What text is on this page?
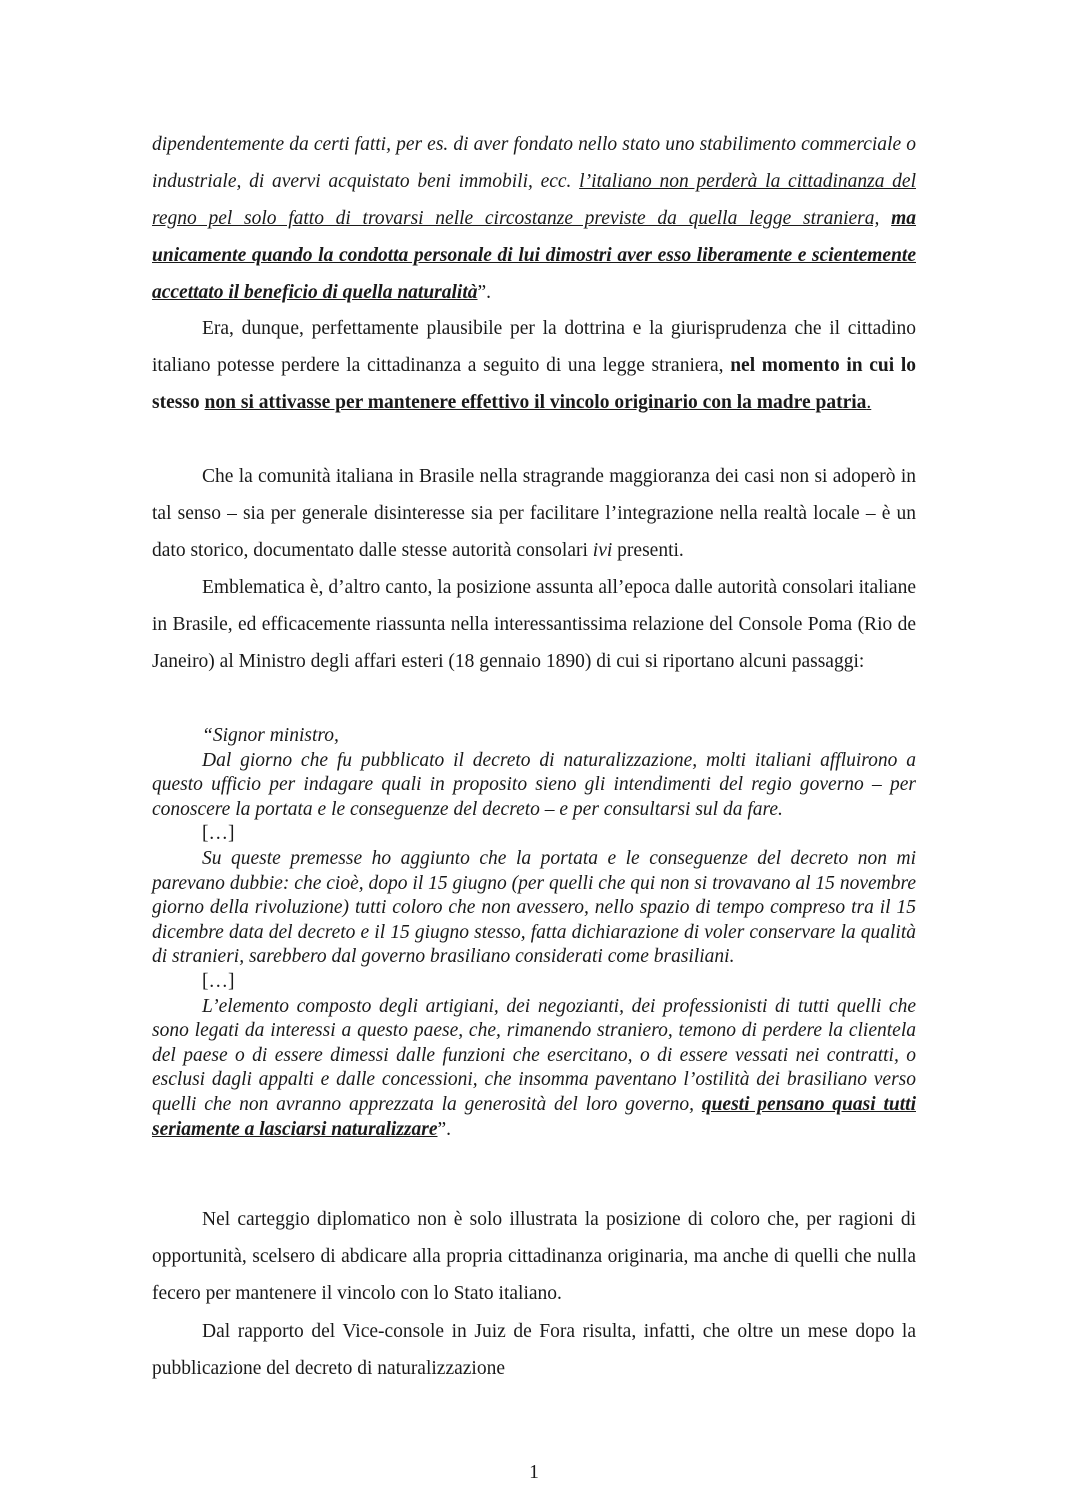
dipendentemente da certi fatti, per es. di aver fondato nello stato uno stabilimento commerciale o industriale, di avervi acquistato beni immobili, ecc. l’italiano non perderà la cittadinanza del regno pel solo fatto di trovarsi nelle circostanze previste da quella legge straniera, ma unicamente quando la condotta personale di lui dimostri aver esso liberamente e scientemente accettato il beneficio di quella naturalità”.

Era, dunque, perfettamente plausibile per la dottrina e la giurisprudenza che il cittadino italiano potesse perdere la cittadinanza a seguito di una legge straniera, nel momento in cui lo stesso non si attivasse per mantenere effettivo il vincolo originario con la madre patria.

Che la comunità italiana in Brasile nella stragrande maggioranza dei casi non si adoperò in tal senso – sia per generale disinteresse sia per facilitare l’integrazione nella realtà locale – è un dato storico, documentato dalle stesse autorità consolari ivi presenti.

Emblematica è, d’altro canto, la posizione assunta all’epoca dalle autorità consolari italiane in Brasile, ed efficacemente riassunta nella interessantissima relazione del Console Poma (Rio de Janeiro) al Ministro degli affari esteri (18 gennaio 1890) di cui si riportano alcuni passaggi:

“Signor ministro,

Dal giorno che fu pubblicato il decreto di naturalizzazione, molti italiani affluirono a questo ufficio per indagare quali in proposito sieno gli intendimenti del regio governo – per conoscere la portata e le conseguenze del decreto – e per consultarsi sul da fare.

[…]

Su queste premesse ho aggiunto che la portata e le conseguenze del decreto non mi parevano dubbie: che cioè, dopo il 15 giugno (per quelli che qui non si trovavano al 15 novembre giorno della rivoluzione) tutti coloro che non avessero, nello spazio di tempo compreso tra il 15 dicembre data del decreto e il 15 giugno stesso, fatta dichiarazione di voler conservare la qualità di stranieri, sarebbero dal governo brasiliano considerati come brasiliani.

[…]

L’elemento composto degli artigiani, dei negozianti, dei professionisti di tutti quelli che sono legati da interessi a questo paese, che, rimanendo straniero, temono di perdere la clientela del paese o di essere dimessi dalle funzioni che esercitano, o di essere vessati nei contratti, o esclusi dagli appalti e dalle concessioni, che insomma paventano l’ostilità dei brasiliano verso quelli che non avranno apprezzata la generosità del loro governo, questi pensano quasi tutti seriamente a lasciarsi naturalizzare”.

Nel carteggio diplomatico non è solo illustrata la posizione di coloro che, per ragioni di opportunità, scelsero di abdicare alla propria cittadinanza originaria, ma anche di quelli che nulla fecero per mantenere il vincolo con lo Stato italiano.

Dal rapporto del Vice-console in Juiz de Fora risulta, infatti, che oltre un mese dopo la pubblicazione del decreto di naturalizzazione

1
